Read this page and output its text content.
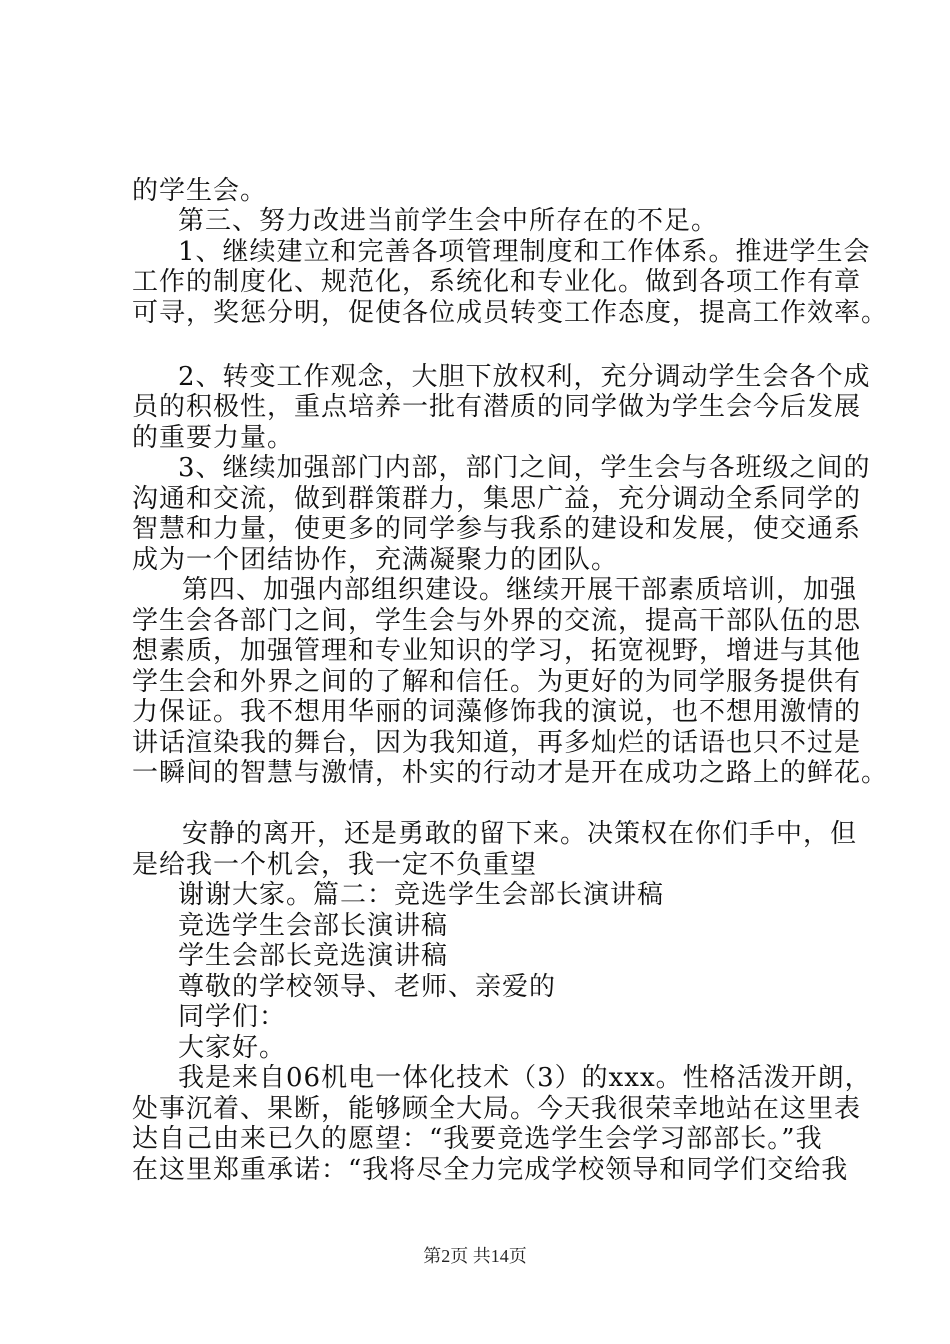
的学生会。
第三、努力改进当前学生会中所存在的不足。
1、继续建立和完善各项管理制度和工作体系。推进学生会
工作的制度化、规范化，系统化和专业化。做到各项工作有章
可寻，奖惩分明，促使各位成员转变工作态度，提高工作效率。
2、转变工作观念，大胆下放权利，充分调动学生会各个成
员的积极性，重点培养一批有潜质的同学做为学生会今后发展
的重要力量。
3、继续加强部门内部，部门之间，学生会与各班级之间的
沟通和交流，做到群策群力，集思广益，充分调动全系同学的
智慧和力量，使更多的同学参与我系的建设和发展，使交通系
成为一个团结协作，充满凝聚力的团队。
第四、加强内部组织建设。继续开展干部素质培训，加强
学生会各部门之间，学生会与外界的交流，提高干部队伍的思
想素质，加强管理和专业知识的学习，拓宽视野，增进与其他
学生会和外界之间的了解和信任。为更好的为同学服务提供有
力保证。我不想用华丽的词藻修饰我的演说，也不想用激情的
讲话渲染我的舞台，因为我知道，再多灿烂的话语也只不过是
一瞬间的智慧与激情，朴实的行动才是开在成功之路上的鲜花。
安静的离开，还是勇敢的留下来。决策权在你们手中，但
是给我一个机会，我一定不负重望
谢谢大家。篇二：竞选学生会部长演讲稿
竞选学生会部长演讲稿
学生会部长竞选演讲稿
尊敬的学校领导、老师、亲爱的
同学们：
大家好。
我是来自06机电一体化技术（3）的xxx。性格活泼开朗，
处事沉着、果断，能够顾全大局。今天我很荣幸地站在这里表
达自己由来已久的愿望：“我要竞选学生会学习部部长。”我
在这里郑重承诺：“我将尽全力完成学校领导和同学们交给我
第2页 共14页
